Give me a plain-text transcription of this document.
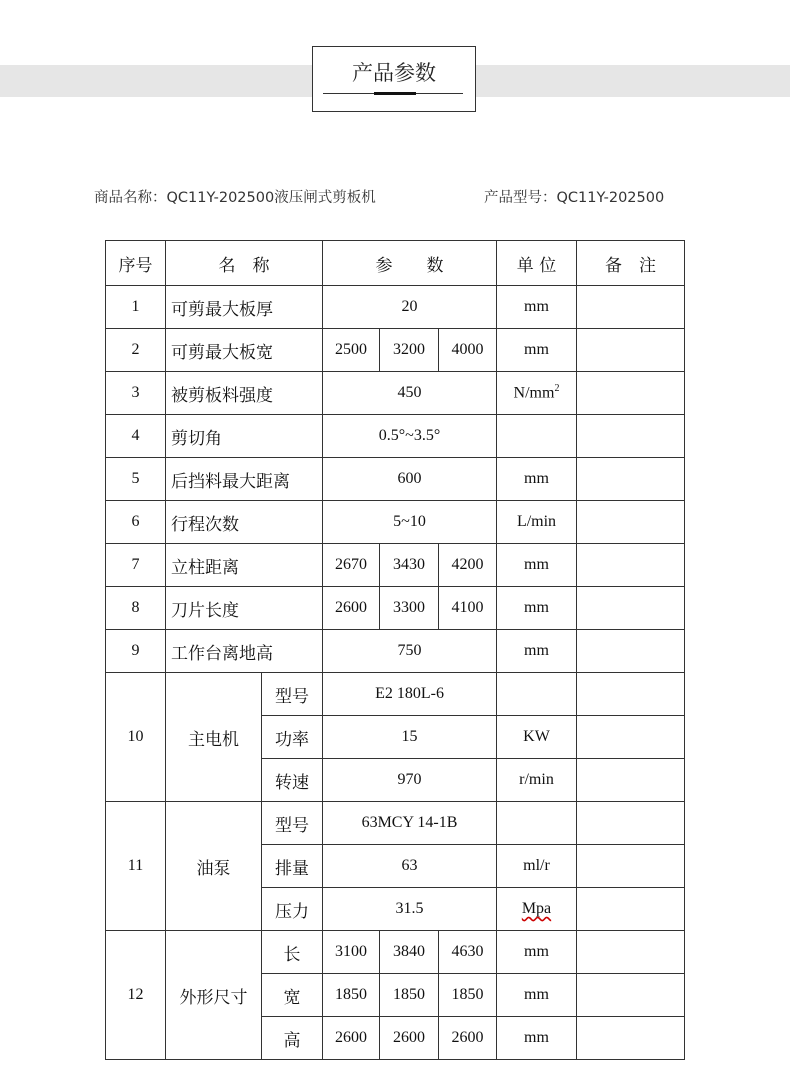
产品参数
商品名称：QC11Y-202500液压闸式剪板机	产品型号：QC11Y-202500
序号	名　称		参　　数			单 位	备　注
1	可剪最大板厚		20			mm	
2	可剪最大板宽		2500	3200	4000	mm	
3	被剪板料强度		450			$N/mm^2$	
4	剪切角		0.5°~3.5°				
5	后挡料最大距离		600			mm	
6	行程次数		5~10			L/min	
7	立柱距离		2670	3430	4200	mm	
8	刀片长度		2600	3300	4100	mm	
9	工作台离地高		750			mm	
10	主电机	型号	E2 180L-6				
		功率	15			KW	
		转速	970			r/min	
11	油泵	型号	63MCY 14-1B				
		排量	63			ml/r	
		压力	31.5			Mpa	
12	外形尺寸	长	3100	3840	4630	mm	
		宽	1850	1850	1850	mm	
		高	2600	2600	2600	mm	
